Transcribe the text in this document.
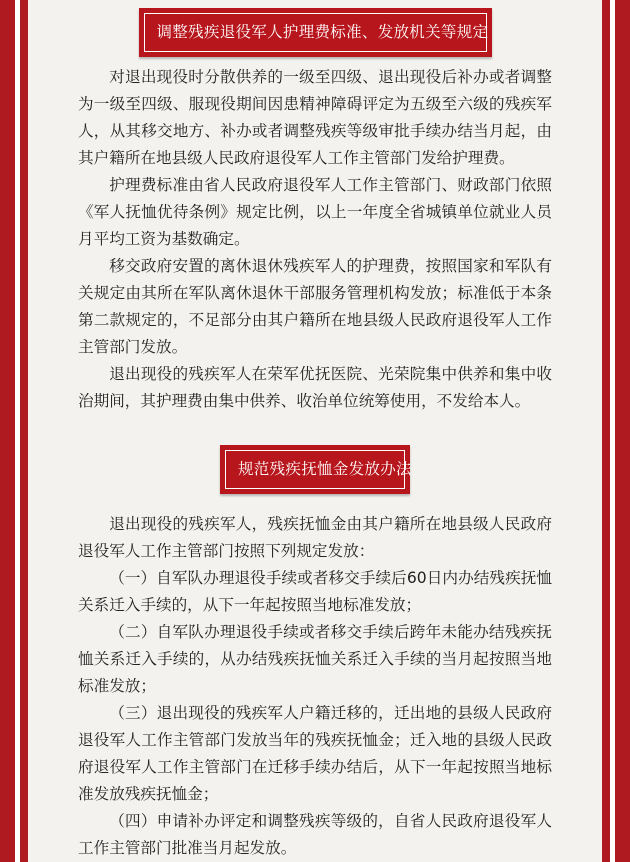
调整残疾退役军人护理费标准、发放机关等规定

对退出现役时分散供养的一级至四级、退出现役后补办或者调整为一级至四级、服现役期间因患精神障碍评定为五级至六级的残疾军人，从其移交地方、补办或者调整残疾等级审批手续办结当月起，由其户籍所在地县级人民政府退役军人工作主管部门发给护理费。

护理费标准由省人民政府退役军人工作主管部门、财政部门依照《军人抚恤优待条例》规定比例，以上一年度全省城镇单位就业人员月平均工资为基数确定。

移交政府安置的离休退休残疾军人的护理费，按照国家和军队有关规定由其所在军队离休退休干部服务管理机构发放；标准低于本条第二款规定的，不足部分由其户籍所在地县级人民政府退役军人工作主管部门发放。

退出现役的残疾军人在荣军优抚医院、光荣院集中供养和集中收治期间，其护理费由集中供养、收治单位统筹使用，不发给本人。

规范残疾抚恤金发放办法

退出现役的残疾军人，残疾抚恤金由其户籍所在地县级人民政府退役军人工作主管部门按照下列规定发放：

（一）自军队办理退役手续或者移交手续后60日内办结残疾抚恤关系迁入手续的，从下一年起按照当地标准发放；

（二）自军队办理退役手续或者移交手续后跨年未能办结残疾抚恤关系迁入手续的，从办结残疾抚恤关系迁入手续的当月起按照当地标准发放；

（三）退出现役的残疾军人户籍迁移的，迁出地的县级人民政府退役军人工作主管部门发放当年的残疾抚恤金；迁入地的县级人民政府退役军人工作主管部门在迁移手续办结后，从下一年起按照当地标准发放残疾抚恤金；

（四）申请补办评定和调整残疾等级的，自省人民政府退役军人工作主管部门批准当月起发放。
